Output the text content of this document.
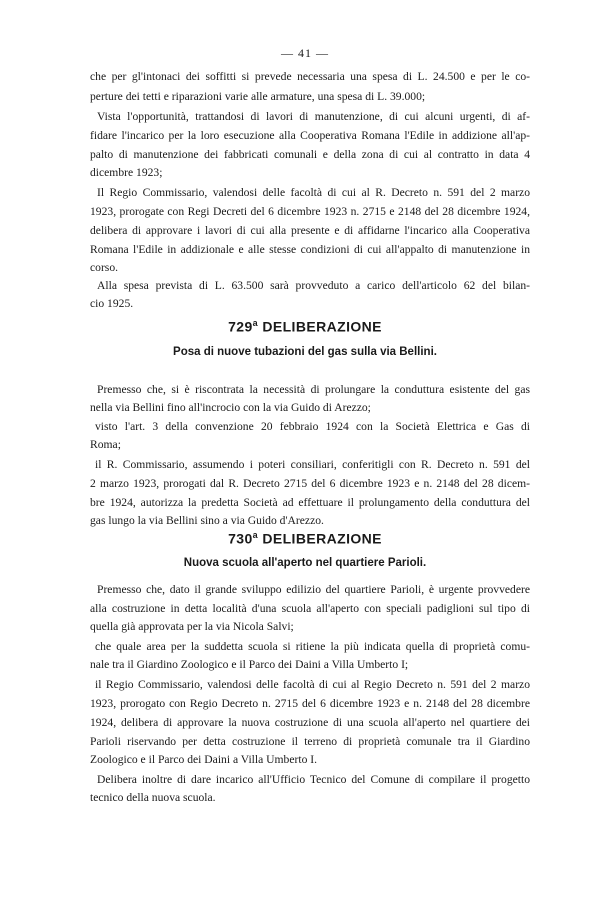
— 41 —
che per gl'intonaci dei soffitti si prevede necessaria una spesa di L. 24.500 e per le co-
perture dei tetti e riparazioni varie alle armature, una spesa di L. 39.000;
Vista l'opportunità, trattandosi di lavori di manutenzione, di cui alcuni urgenti, di af-
fidare l'incarico per la loro esecuzione alla Cooperativa Romana l'Edile in addizione all'ap-
palto di manutenzione dei fabbricati comunali e della zona di cui al contratto in data 4
dicembre 1923;
Il Regio Commissario, valendosi delle facoltà di cui al R. Decreto n. 591 del 2 marzo
1923, prorogate con Regi Decreti del 6 dicembre 1923 n. 2715 e 2148 del 28 dicembre 1924,
delibera di approvare i lavori di cui alla presente e di affidarne l'incarico alla Cooperativa
Romana l'Edile in addizionale e alle stesse condizioni di cui all'appalto di manutenzione in
corso.
Alla spesa prevista di L. 63.500 sarà provveduto a carico dell'articolo 62 del bilan-
cio 1925.
729$^a$ DELIBERAZIONE
Posa di nuove tubazioni del gas sulla via Bellini.
Premesso che, si è riscontrata la necessità di prolungare la conduttura esistente del gas
nella via Bellini fino all'incrocio con la via Guido di Arezzo;
visto l'art. 3 della convenzione 20 febbraio 1924 con la Società Elettrica e Gas di
Roma;
il R. Commissario, assumendo i poteri consiliari, conferitigli con R. Decreto n. 591 del
2 marzo 1923, prorogati dal R. Decreto 2715 del 6 dicembre 1923 e n. 2148 del 28 dicem-
bre 1924, autorizza la predetta Società ad effettuare il prolungamento della conduttura del
gas lungo la via Bellini sino a via Guido d'Arezzo.
730$^a$ DELIBERAZIONE
Nuova scuola all'aperto nel quartiere Parioli.
Premesso che, dato il grande sviluppo edilizio del quartiere Parioli, è urgente provvedere
alla costruzione in detta località d'una scuola all'aperto con speciali padiglioni sul tipo di
quella già approvata per la via Nicola Salvi;
che quale area per la suddetta scuola si ritiene la più indicata quella di proprietà comu-
nale tra il Giardino Zoologico e il Parco dei Daini a Villa Umberto I;
il Regio Commissario, valendosi delle facoltà di cui al Regio Decreto n. 591 del 2 marzo
1923, prorogato con Regio Decreto n. 2715 del 6 dicembre 1923 e n. 2148 del 28 dicembre
1924, delibera di approvare la nuova costruzione di una scuola all'aperto nel quartiere dei
Parioli riservando per detta costruzione il terreno di proprietà comunale tra il Giardino
Zoologico e il Parco dei Daini a Villa Umberto I.
Delibera inoltre di dare incarico all'Ufficio Tecnico del Comune di compilare il progetto
tecnico della nuova scuola.
